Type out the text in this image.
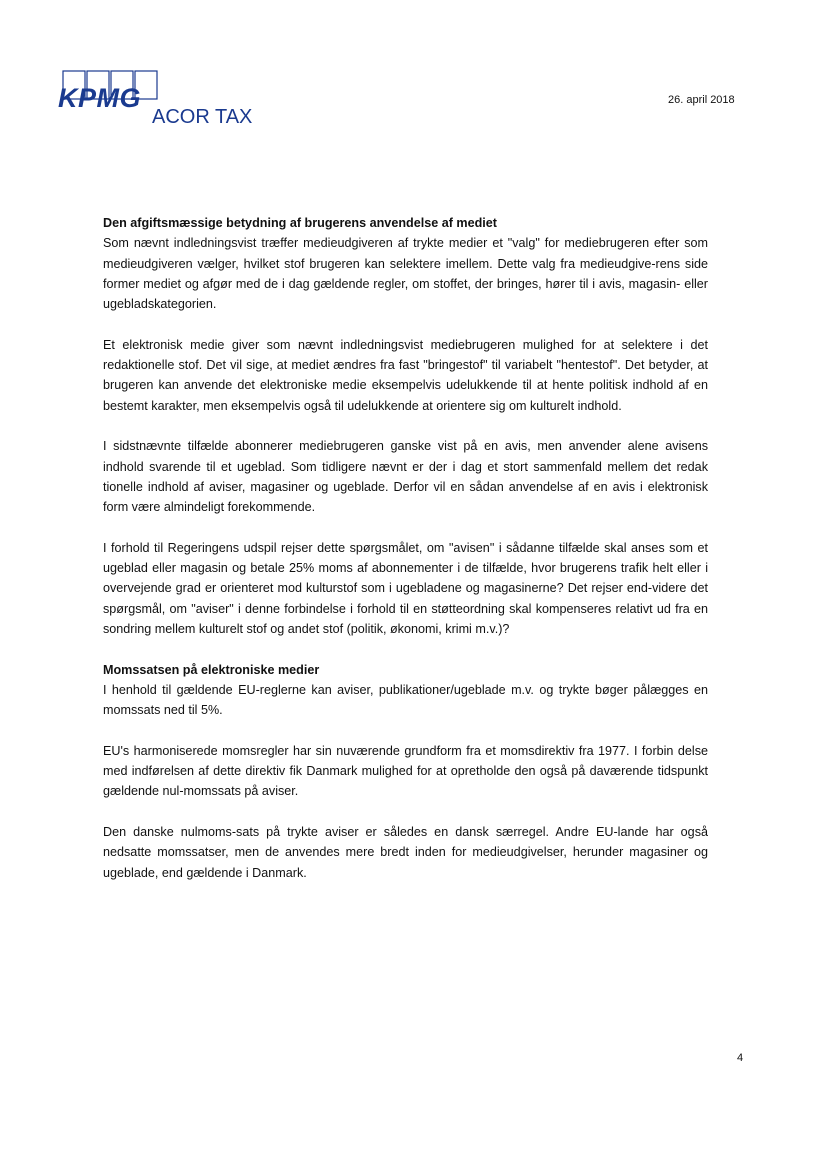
KPMG
ACOR TAX
26. april 2018
Den afgiftsmæssige betydning af brugerens anvendelse af mediet

Som nævnt indledningsvist træffer medieudgiveren af trykte medier et "valg" for mediebrugeren efter som medieudgiveren vælger, hvilket stof brugeren kan selektere imellem. Dette valg fra medieudgive-rens side former mediet og afgør med de i dag gældende regler, om stoffet, der bringes, hører til i avis, magasin- eller ugebladskategorien.

Et elektronisk medie giver som nævnt indledningsvist mediebrugeren mulighed for at selektere i det redaktionelle stof. Det vil sige, at mediet ændres fra fast "bringestof" til variabelt "hentestof". Det betyder, at brugeren kan anvende det elektroniske medie eksempelvis udelukkende til at hente politisk indhold af en bestemt karakter, men eksempelvis også til udelukkende at orientere sig om kulturelt indhold.

I sidstnævnte tilfælde abonnerer mediebrugeren ganske vist på en avis, men anvender alene avisens indhold svarende til et ugeblad. Som tidligere nævnt er der i dag et stort sammenfald mellem det redak tionelle indhold af aviser, magasiner og ugeblade. Derfor vil en sådan anvendelse af en avis i elektronisk form være almindeligt forekommende.

I forhold til Regeringens udspil rejser dette spørgsmålet, om "avisen" i sådanne tilfælde skal anses som et ugeblad eller magasin og betale 25% moms af abonnementer i de tilfælde, hvor brugerens trafik helt eller i overvejende grad er orienteret mod kulturstof som i ugebladene og magasinerne? Det rejser end-videre det spørgsmål, om "aviser" i denne forbindelse i forhold til en støtteordning skal kompenseres relativt ud fra en sondring mellem kulturelt stof og andet stof (politik, økonomi, krimi m.v.)?

Momssatsen på elektroniske medier

I henhold til gældende EU-reglerne kan aviser, publikationer/ugeblade m.v. og trykte bøger pålægges en momssats ned til 5%.

EU's harmoniserede momsregler har sin nuværende grundform fra et momsdirektiv fra 1977. I forbin delse med indførelsen af dette direktiv fik Danmark mulighed for at opretholde den også på daværende tidspunkt gældende nul-momssats på aviser.

Den danske nulmoms-sats på trykte aviser er således en dansk særregel. Andre EU-lande har også nedsatte momssatser, men de anvendes mere bredt inden for medieudgivelser, herunder magasiner og ugeblade, end gældende i Danmark.

4
